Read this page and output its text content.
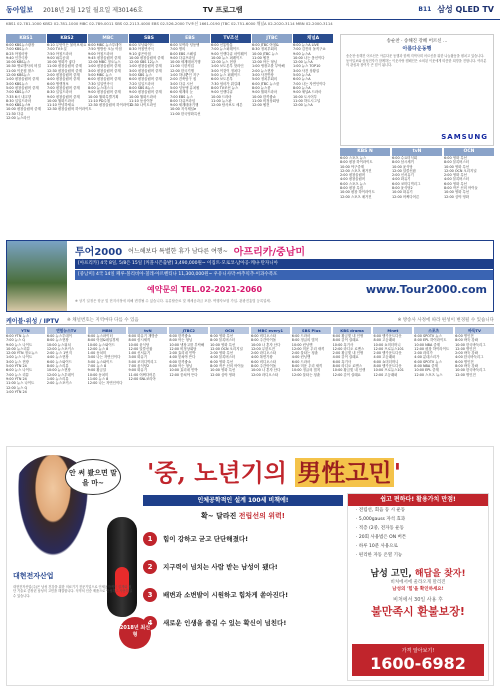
동아일보 2018년 2월 12일 월요일 제30146호	TV 프로그램	B11 삼성 QLED TV
KBS1 02-781-1000 KBS2 02-781-1000 MBC 02-789-0011 SBS 02-2113-4000 EBS 02-526-2000 TV조선 1661-0190 JTBC 02-751-6000 채널A 02-2020-3114 MBN 02-2000-3114
KBS1
6:00 KBS뉴스광장
7:00 KBS뉴스
8:25 아침마당
9:40 인간극장
10:00 KBS뉴스
10:30 생로병사의 비밀
11:00 이웃집 찰스
12:00 KBS뉴스
1:00 평창올림픽 중계
3:00 KBS뉴스
5:00 평창올림픽 중계
7:00 KBS뉴스7
7:35 6시 내고향
8:30 일일드라마
9:00 KBS뉴스9
10:00 평창올림픽 중계
11:30 다큐
12:00 뉴스라인
KBS2
6:10 무엇이든 물어보세요
7:00 TV소설
7:50 아침드라마
9:00 VJ특공대
10:00 영화가 좋다
11:00 평창올림픽 중계
12:30 평창올림픽 중계
2:00 평창올림픽 중계
4:00 평창올림픽 중계
6:00 생생정보
7:00 평창올림픽 중계
8:30 일일드라마
9:00 평창올림픽 중계
10:00 월화드라마
11:10 안녕하세요
12:30 평창올림픽 하이라이트
MBC
6:00 MBC 뉴스투데이
7:50 생방송 오늘 아침
9:00 아침드라마
9:45 평창올림픽 중계
12:00 MBC 정오뉴스
1:00 평창올림픽 중계
3:00 평창올림픽 중계
5:00 MBC 뉴스
6:00 평창올림픽 중계
7:30 일일연속극
8:00 뉴스데스크
9:00 평창올림픽 중계
10:00 월화특별기획
11:10 PD수첩
12:30 평창올림픽 하이라이트
SBS
6:00 모닝와이드
8:30 아침연속극
9:10 좋은아침
10:00 평창올림픽 중계
12:00 SBS 12뉴스
1:00 평창올림픽 중계
3:00 평창올림픽 중계
5:00 SBS 뉴스
6:00 평창올림픽 중계
7:20 일일드라마
8:00 SBS 8뉴스
9:00 평창올림픽 중계
10:00 월화드라마
11:10 동상이몽
12:30 나이트라인
EBS
6:00 모여라 딩동댕
7:00 명의
8:00 EBS 스페셜
9:00 다큐프라임
10:00 세계테마기행
11:00 극한직업
12:00 한국기행
1:00 하나뿐인 지구
2:00 건축탐구 집
3:00 다큐 시선
5:00 딩동댕 유치원
6:00 세계의 눈
7:00 EBS 뉴스
8:00 다큐프라임
9:00 세계테마기행
10:00 지식채널e
11:00 한국영화특선
TV조선
6:00 신통방통
7:00 뉴스퍼레이드
9:00 인생다큐 마이웨이
10:00 뉴스 퍼레이드
12:00 뉴스 현장
1:00 보도본부 핫라인
3:00 이것이 정치다
5:00 뉴스 퍼레이드
6:00 보도본부
7:30 엄마가 뭐길래
8:00 TV조선 뉴스
9:00 인생다큐
10:00 드라마
11:00 뉴스판
12:00 탐사보도 세븐
JTBC
6:00 JTBC 아침&
8:30 정치부회의
10:00 JTBC 뉴스
11:00 썰전
12:00 아는 형님
1:00 냉장고를 부탁해
2:00 뉴스현장
3:00 사건반장
5:00 정치부회의
6:00 JTBC 뉴스룸
8:00 뉴스룸
9:00 월화드라마
10:00 한끼줍쇼
11:00 비정상회담
12:00 썰전
채널A
6:00 뉴스A LIVE
7:00 김진의 돌직구쇼
9:00 뉴스A
10:00 나는 몸신이다
12:00 뉴스A
1:00 뉴스 TOP10
3:00 사건 상황실
5:00 뉴스A
6:00 뉴스A
7:00 나는 자연인이다
8:00 뉴스A
9:00 채널A 드라마
10:00 도시어부
11:00 하트시그널
12:00 뉴스A
송순찬 · 송해진 강혜 어르신 ...
아름다운동행
송순찬·송해진 어르신은 아름다운 동행과 함께 지역사회 어르신을 위한 나눔활동을 펼치고 있습니다. 동아일보와 삼성전자가 함께하는 이웃사랑 캠페인은 소외된 이웃에게 따뜻한 희망을 전합니다. 여러분의 관심과 참여가 큰 힘이 됩니다.
SAMSUNG
KBS N
6:00 스포츠 뉴스
8:00 평창 하이라이트
10:00 야구중계
12:00 스포츠 매거진
2:00 평창올림픽
4:00 평창올림픽
6:00 스포츠 뉴스
8:00 평창 특집
10:00 평창 하이라이트
12:00 스포츠 매거진
tvN
6:00 수요미식회
8:00 삼시세끼
10:00 윤식당
12:00 알쓸신잡
2:00 신서유기
4:00 화유기
6:00 코미디빅리그
8:00 윤식당2
10:00 화유기
12:00 어쩌다어른
OCN
6:00 영화 특선
8:00 블록버스터
10:00 영화 특선
12:00 OCN 오리지널
2:00 영화 특선
4:00 블록버스터
6:00 영화 특선
8:00 작은 신의 아이들
10:00 영화 특선
12:00 심야 영화
투어2000 어느해보다 특별한 휴가 남다른 여행~ 아프리카/중남미
[아프리카] 4국 8일, 5/8은 15일 [커플시즌출발] 3,490,000원~ 이집트·모로코·남아공·케냐·탄자니아
[중남미] 4국 14일 페루·볼리비아·칠레·아르헨티나 11,300,000원~ 우유니사막·마추픽추·이과수폭포
예약문의 TEL.02-2021-2060	www.Tour2000.com
※ 상기 일정은 항공 및 현지사정에 의해 변경될 수 있습니다. 유류할증료 및 제세공과금 포함. 여행자보험 가입. 관광진흥법 등록업체.
케이블·위성 / IPTV ※ 채널번호는 지역마다 다를 수 있음	※ 방송사 사정에 따라 편성이 변경될 수 있습니다
YTN
6:00 YTN 뉴스
7:00 뉴스 Q
9:00 뉴스 나이트
10:00 뉴스리뷰
12:00 YTN 정오뉴스
1:00 뉴스 나이트
3:00 뉴스 현장
5:00 YTN 24
6:00 뉴스 나이트
7:00 뉴스 리뷰
9:00 YTN 24
11:00 뉴스 나이트
12:00 뉴스 Q
1:00 YTN 24
연합뉴스TV
6:00 뉴스투데이
8:00 뉴스현장
10:00 뉴스워치
12:00 뉴스포커스
2:00 뉴스 1번지
4:00 뉴스현장
6:00 뉴스와이드
8:00 뉴스리뷰
10:00 뉴스현장
12:00 뉴스투데이
1:00 뉴스리뷰
2:00 뉴스포커스
MBN
6:00 뉴스파이터
8:00 아침&매일경제
10:00 뉴스와이드
12:00 뉴스 8
1:00 동치미
3:00 나는 자연인이다
5:00 뉴스와이드
7:00 뉴스 8
9:00 황금알
10:00 동치미
11:00 뉴스 8
12:00 나는 자연인이다
tvN
6:00 화유기 재방송
8:00 삼시세끼
10:00 윤식당
12:00 알쓸신잡
1:00 신서유기
3:00 화유기
5:00 코미디빅리그
7:00 윤식당2
9:00 화유기
11:00 어쩌다어른
12:00 SNL코리아
JTBC2
6:00 한끼줍쇼
8:00 아는 형님
10:00 냉장고를 부탁해
12:00 비정상회담
2:00 효리네 민박
4:00 뭉쳐야 뜬다
6:00 한끼줍쇼
8:00 아는 형님
10:00 효리네 민박
12:00 뭉쳐야 뜬다
OCN
6:00 영화 특선
8:00 블록버스터
10:00 영화 특선
12:00 OCN 오리지널
2:00 영화 특선
4:00 블록버스터
6:00 영화 특선
8:00 작은 신의 아이들
10:00 영화 특선
12:00 심야 영화
MBC every1
6:00 비디오스타
8:00 주간아이돌
10:00 나 혼자 산다
12:00 무한도전
2:00 라디오스타
4:00 복면가왕
6:00 비디오스타
8:00 주간아이돌
10:00 나 혼자 산다
12:00 라디오스타
SBS Plus
6:00 드라마
8:00 정글의 법칙
10:00 런닝맨
12:00 미운 우리 새끼
2:00 불타는 청춘
4:00 런닝맨
6:00 드라마
8:00 미운 우리 새끼
10:00 정글의 법칙
12:00 불타는 청춘
KBS drama
6:00 황금빛 내 인생
8:00 같이 살래요
10:00 흑기사
12:00 라디오 로맨스
2:00 황금빛 내 인생
4:00 같이 살래요
6:00 흑기사
8:00 라디오 로맨스
10:00 황금빛 내 인생
12:00 같이 살래요
Mnet
6:00 엠카운트다운
8:00 고등래퍼
10:00 쇼미더머니
12:00 프로듀스101
2:00 엠카운트다운
4:00 고등래퍼
6:00 쇼미더머니
8:00 엠카운트다운
10:00 프로듀스101
12:00 고등래퍼
스포츠
6:00 SPOTV 뉴스
8:00 EPL 하이라이트
10:00 NBA 중계
12:00 평창 하이라이트
2:00 라리가
4:00 분데스리가
6:00 SPOTV 뉴스
8:00 NBA 중계
10:00 EPL 중계
12:00 스포츠 뉴스
바둑TV
6:00 명인전
8:00 바둑 강좌
10:00 한국바둑리그
12:00 명인전
2:00 바둑 강좌
4:00 한국바둑리그
6:00 명인전
8:00 바둑 강좌
10:00 한국바둑리그
12:00 명인전
안 써 봤으면 말을 마~	'중, 노년기의 男性고민'
인체공학적인 설계 100세 비책에!
확~ 달라진 전립선의 위력!
1	힘이 강하고 굳고 단단해졌다!
2	지구력이 넘치는 사람 받는 남성이 됐다!
3	배변과 소변발이 시원하고 힘차게 쏟아진다!
4	새로운 인생을 즐길 수 있는 확신이 넘친다!
2018년 최신형
대현전자산업
대현전자산업(주)은 남성 건강을 위한 의료기기 전문기업으로 인체공학적인 설계와 첨단 기술로 중장년 남성의 고민을 해결합니다. 식약처 인증 제품으로 안심하고 사용하실 수 있습니다.
쉽고 편하다! 활용가치 만점!
· 전립선, 회음 등 시 운동
· 5,000gauss 자석 효과
· 적층 (2중, 전자동 운동
· 20회 사용법은 ON 버튼
· 하루 10분 사용으로
· 편리한 자동 온열 기능
남성 고민, 해답을 찾자!
비처에서에 울라오게 말리진
남성의 '힘'을 확인하세요!
비처에서 30일 사용 후
불만족시 환불보장!
가격 알아보기!
1600-6982
